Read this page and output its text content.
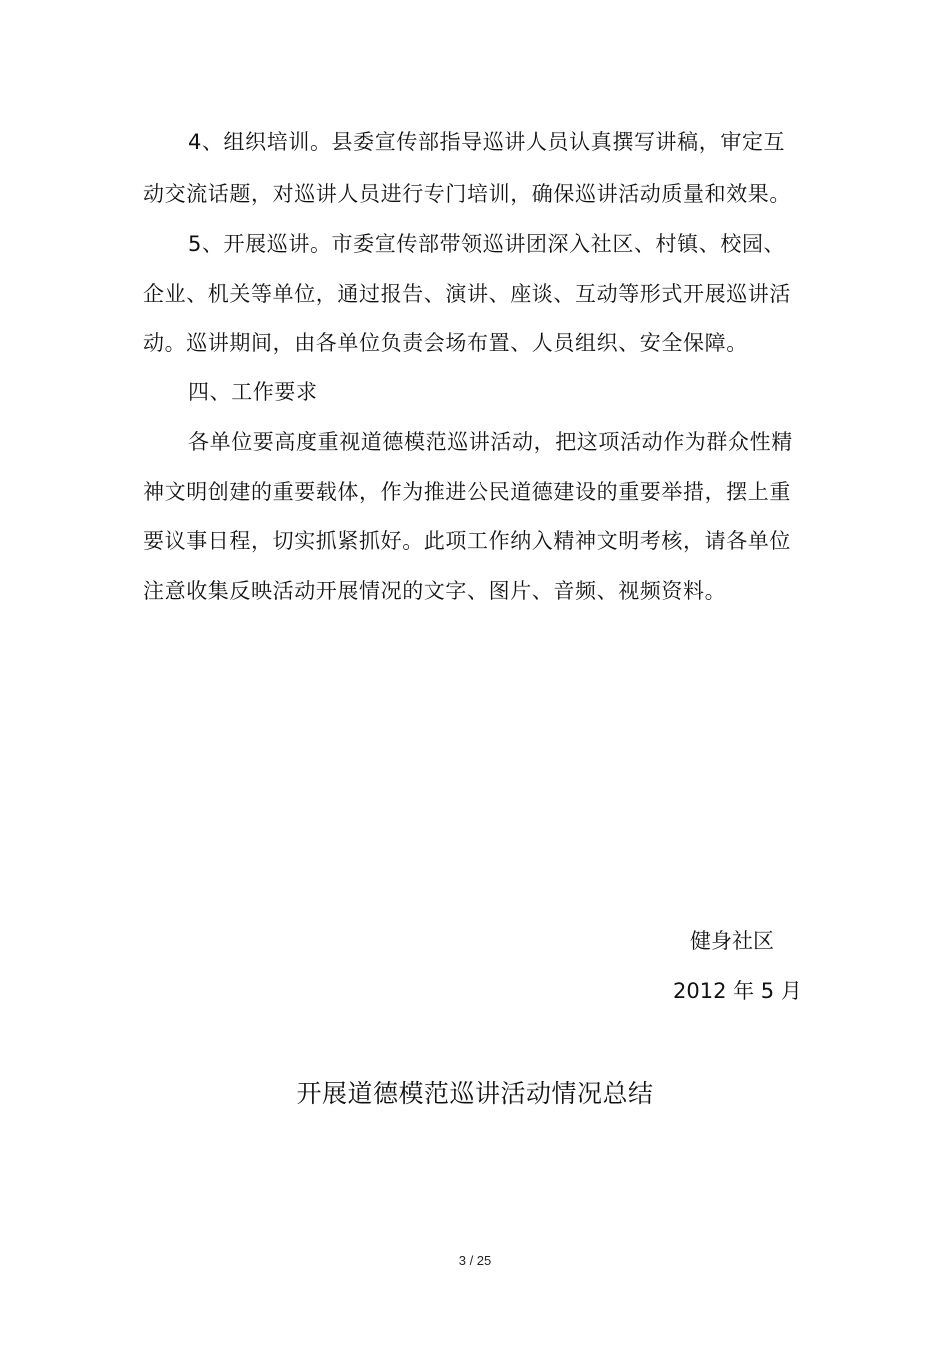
4、组织培训。县委宣传部指导巡讲人员认真撰写讲稿，审定互
动交流话题，对巡讲人员进行专门培训，确保巡讲活动质量和效果。
5、开展巡讲。市委宣传部带领巡讲团深入社区、村镇、校园、
企业、机关等单位，通过报告、演讲、座谈、互动等形式开展巡讲活
动。巡讲期间，由各单位负责会场布置、人员组织、安全保障。
四、工作要求
各单位要高度重视道德模范巡讲活动，把这项活动作为群众性精
神文明创建的重要载体，作为推进公民道德建设的重要举措，摆上重
要议事日程，切实抓紧抓好。此项工作纳入精神文明考核，请各单位
注意收集反映活动开展情况的文字、图片、音频、视频资料。
健身社区
2012 年 5 月
开展道德模范巡讲活动情况总结
3 / 25
